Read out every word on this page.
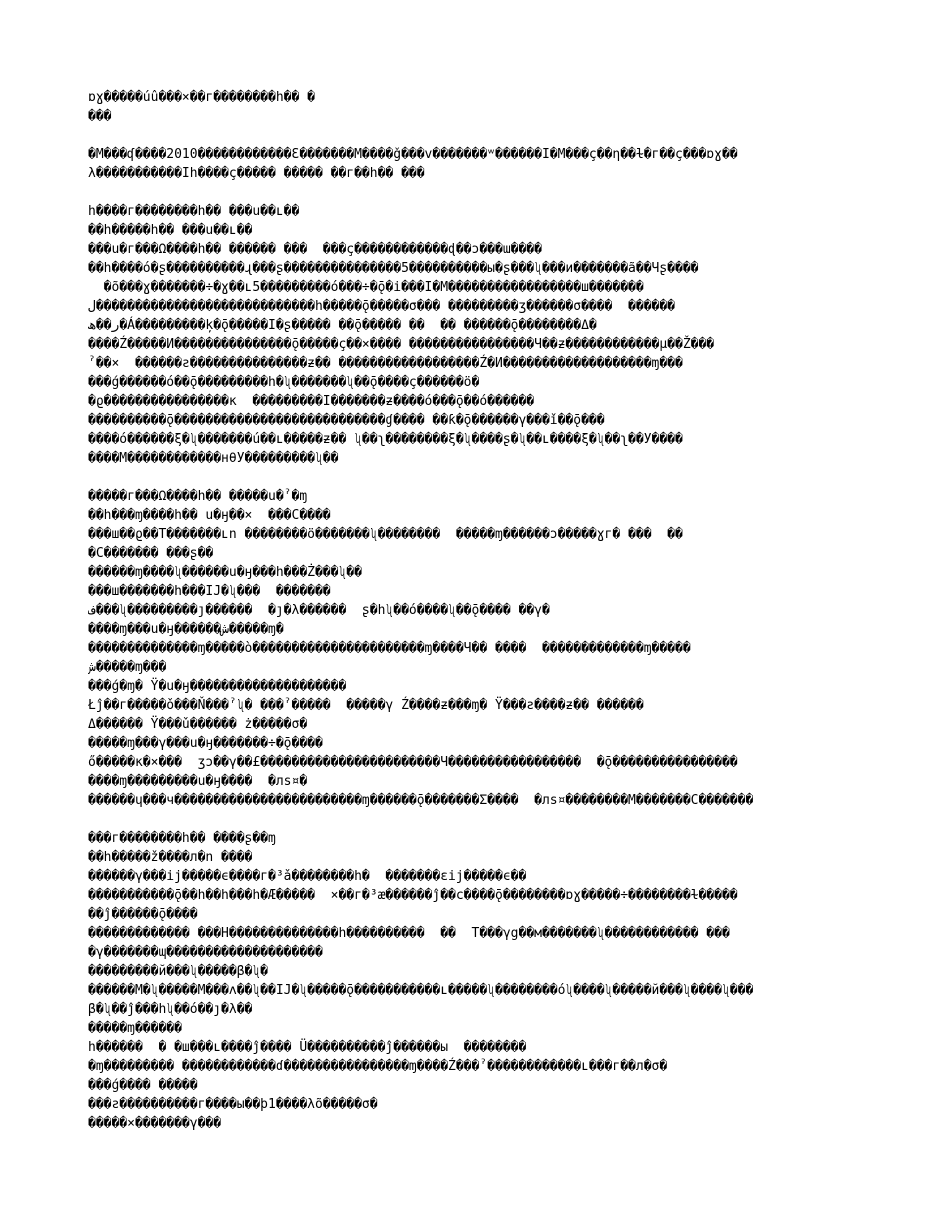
ɒɣ�����úû���×��г��������h�� �
���
�M���ʠ����2010������������Ɛ�������M����ǧ���v�������ʷ������I�M���ç��η��ɫ�г��ç���ɒɣ��
λ�����������Ih����ç����� ����� ��г��h�� ���
h����г��������h�� ���u��ʟ��
��h�����h�� ���u��ʟ��
���u�г���Ω����h�� ������ ���  ���ç������������ɖ��ɔ���ɯ����
��h����ó�ʂ����������ɻ���ʂ���������������5����������ы�ʂ���ʯ���и�������ã��Чʂ����
�õ���ɣ�������÷�ɣ��ʟ5���������ó���÷�ǭ�i���I�M�����������������ш�������
ل����������������������������h�����ǭ�����σ��� ���������ʒ������σ����  ������
ر��ھ�Á���������ķ�ǭ�����I�ʂ����� ��ǭ����� ��  �� ������ǭ��������Δ�
����Ź�����И���������������ǭ�����ç��×���� ����������������Ч��ƶ������������μ��Ž���
ˀ��×  ������ƨ���������������ƶ�� ������������������Ź�И�������������������ɱ���
���ǵ������ó��ǭ���������h�ʯ�������ʯ��ǭ����ç������ö�
�ϱ����������������ĸ  ���������I�������ƶ����ó���ǭ��ó������
����������ǭ���������������������������ɠ���� ��ƙ�ǭ������γ���ǐ��ǭ���
����ó������ξ�ʯ�������ú��ʟ�����ƶ�� ʯ��ʅ��������ξ�ʯ����ʂ�ʯ��ʟ����ξ�ʯ��ʅ��У����
����M������������нθУ���������ʯ��
�����г���Ω����h�� �����u�ˀ�ɱ
��h���ɱ����h�� u�ӈ��×  ���C����
���ш��ϱ��T�������ʟn ��������ö�������ʯ��������  �����ɱ������ɔ�����ɣг� ���  ��
�C������� ���ʂ��
������ɱ����ʯ������u�ӈ���h���Ż���ʯ��
���ш�������h���IJ�ʯ���  �������
ف���ʯ���������ȷ������  �ȷ�λ������  ʂ�hʯ��ó����ʯ��ǭ���� ��γ�
����ɱ���u�ӈ������ش�����ɱ�
��������������ɱ�����ò����������������������ɱ����Ч�� ����  �������������ɱ�����
ش�����ɱ���
���ǵ�ɱ� Ÿ�u�ӈ��������������������
Łĵ��г�����ǒ���Ň���ˀʯ� ���ˀ�����  �����γ Ź����ƶ���ɱ� Ÿ���ƨ����ƶ�� ������
Δ������ Ÿ���ǔ������ ż�����σ�
�����ɱ���γ���u�ӈ�������÷�ǭ����
ő�����ĸ�×���  ʒɔ��γ��£�����������������������Ч�����������������  �ǭ����������������
����ɱ���������u�ӈ����  �лѕ¤�
������ɥ���ч������������������������ɱ������ǭ�������Σ����  �лѕ¤��������M�������C�������
���г��������h�� ����ʂ��ɱ
��h�����ž����л�n ����
������γ���ij�����ϵ����г�³ǎ��������h�  �������εij�����ϵ��
�����������ǭ��h��h���h�Æ�����  ×��г�³æ������ĵ��c����ǭ��������ɒɣ�����÷��������ɫ�����
��ĵ������ǭ����
������������� ���H��������������h����������  ��  T���γg��м�������ʯ������������ ���
�γ�������ɰ��������������������
���������й���ʯ�����β�ʯ�
������M�ʯ�����M���ʌ��ʯ��IJ�ʯ�����ǭ�����������ʟ�����ʯ��������óʯ����ʯ�����й���ʯ����ʯ���
β�ʯ��ĵ���hʯ��ó��ȷ�λ��
�����ɱ������
h������  � �ш���ʟ����ĵ���� Ü����������ĵ������ы  ��������
�ɱ��������� ������������ɗ����������������ɱ����Ź���ˀ������������ʟ���г��л�σ�
���ǵ���� �����
���ƨ����������г����ы��þ1����λõ�����σ�
�����×�������γ���
